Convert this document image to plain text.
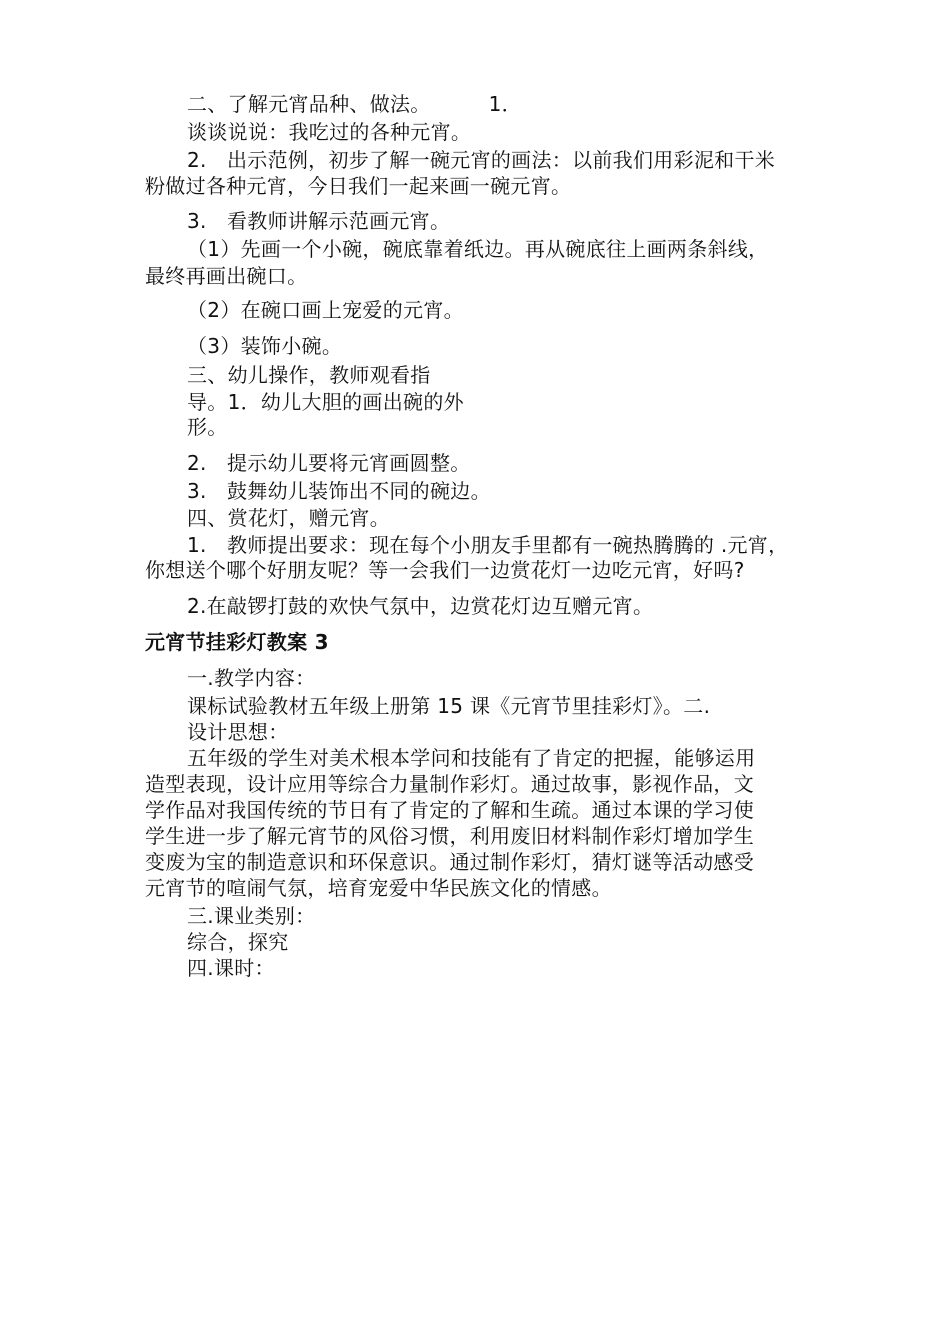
二、了解元宵品种、做法。	1．
谈谈说说：我吃过的各种元宵。
2.　出示范例，初步了解一碗元宵的画法：以前我们用彩泥和干米
粉做过各种元宵，今日我们一起来画一碗元宵。
3.　看教师讲解示范画元宵。
（1）先画一个小碗，碗底靠着纸边。再从碗底往上画两条斜线，
最终再画出碗口。
（2）在碗口画上宠爱的元宵。
（3）装饰小碗。
三、幼儿操作，教师观看指
导。1．幼儿大胆的画出碗的外
形。
2.　提示幼儿要将元宵画圆整。
3.　鼓舞幼儿装饰出不同的碗边。
四、赏花灯，赠元宵。
1.　教师提出要求：现在每个小朋友手里都有一碗热腾腾的 .元宵，
你想送个哪个好朋友呢？等一会我们一边赏花灯一边吃元宵，好吗?
2.在敲锣打鼓的欢快气氛中，边赏花灯边互赠元宵。
元宵节挂彩灯教案 3
一.教学内容：
课标试验教材五年级上册第 15 课《元宵节里挂彩灯》。二.
设计思想：
五年级的学生对美术根本学问和技能有了肯定的把握，能够运用
造型表现，设计应用等综合力量制作彩灯。通过故事，影视作品，文
学作品对我国传统的节日有了肯定的了解和生疏。通过本课的学习使
学生进一步了解元宵节的风俗习惯，利用废旧材料制作彩灯增加学生
变废为宝的制造意识和环保意识。通过制作彩灯，猜灯谜等活动感受
元宵节的喧闹气氛，培育宠爱中华民族文化的情感。
三.课业类别：
综合，探究
四.课时：
